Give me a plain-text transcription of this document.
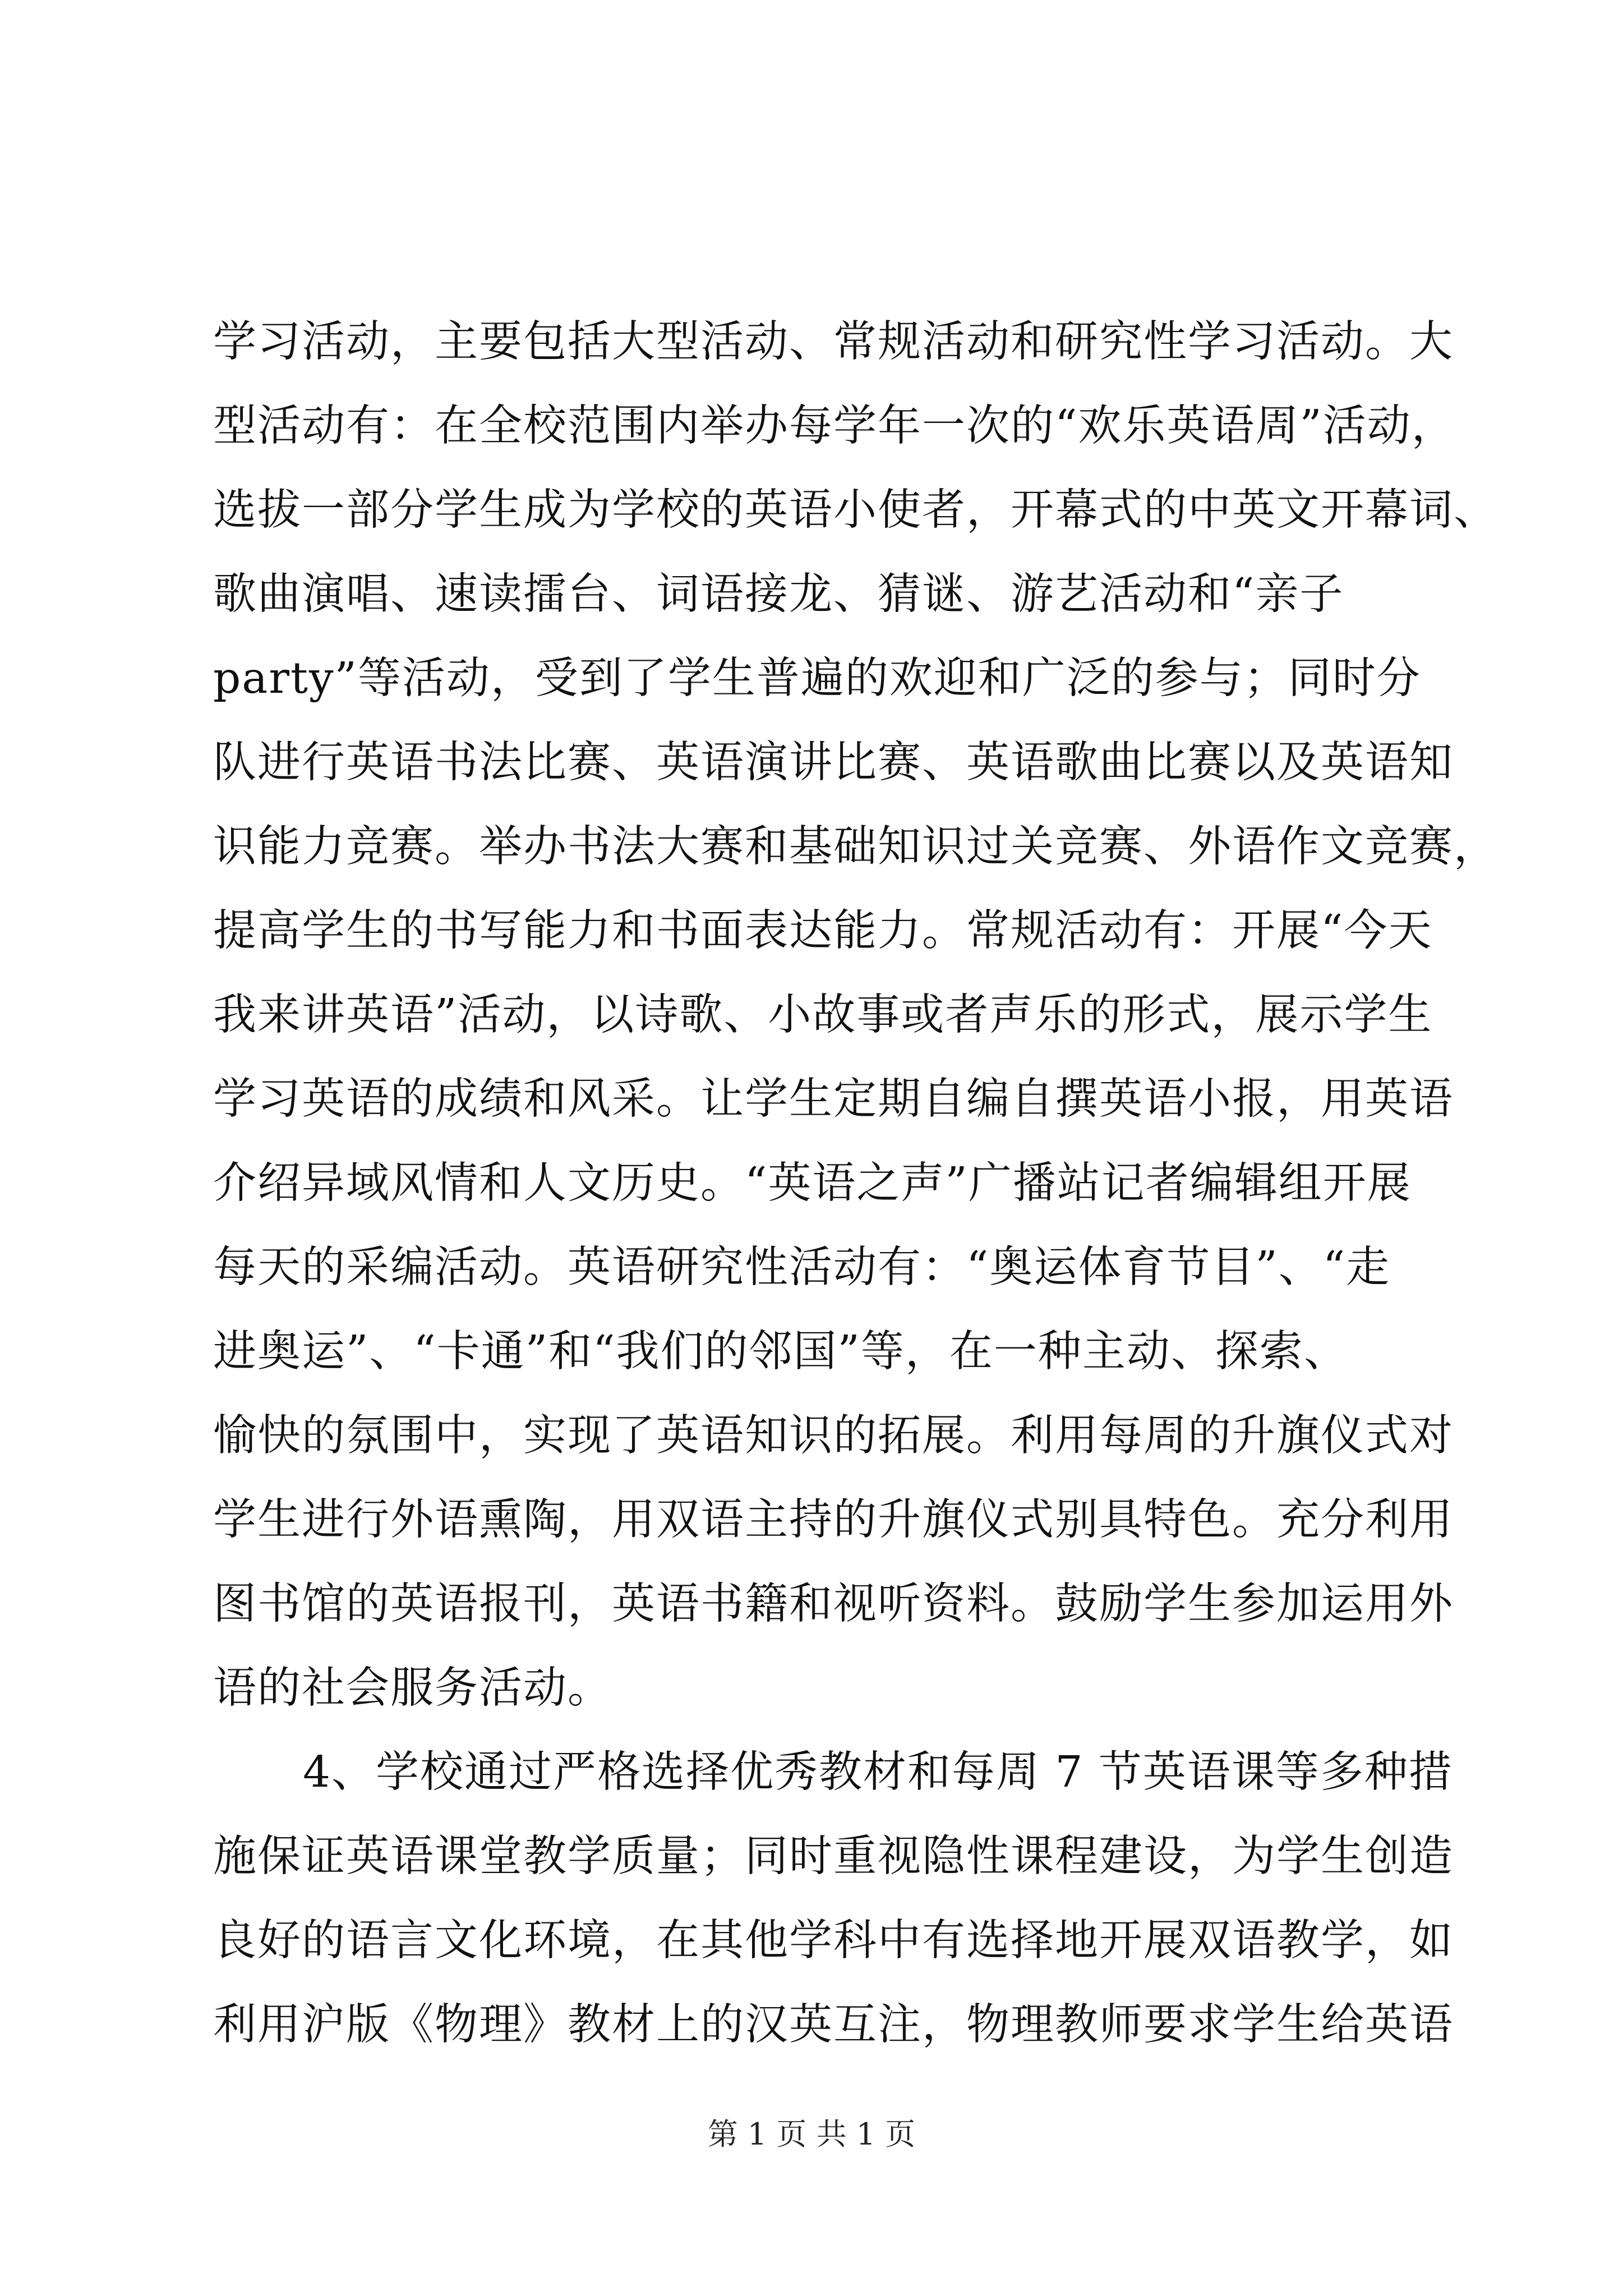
学习活动，主要包括大型活动、常规活动和研究性学习活动。大
型活动有：在全校范围内举办每学年一次的“欢乐英语周”活动，
选拔一部分学生成为学校的英语小使者，开幕式的中英文开幕词、
歌曲演唱、速读擂台、词语接龙、猜谜、游艺活动和“亲子
party”等活动，受到了学生普遍的欢迎和广泛的参与；同时分
队进行英语书法比赛、英语演讲比赛、英语歌曲比赛以及英语知
识能力竞赛。举办书法大赛和基础知识过关竞赛、外语作文竞赛，
提高学生的书写能力和书面表达能力。常规活动有：开展“今天
我来讲英语”活动，以诗歌、小故事或者声乐的形式，展示学生
学习英语的成绩和风采。让学生定期自编自撰英语小报，用英语
介绍异域风情和人文历史。“英语之声”广播站记者编辑组开展
每天的采编活动。英语研究性活动有：“奥运体育节目”、“走
进奥运”、“卡通”和“我们的邻国”等，在一种主动、探索、
愉快的氛围中，实现了英语知识的拓展。利用每周的升旗仪式对
学生进行外语熏陶，用双语主持的升旗仪式别具特色。充分利用
图书馆的英语报刊，英语书籍和视听资料。鼓励学生参加运用外
语的社会服务活动。
4、学校通过严格选择优秀教材和每周 7 节英语课等多种措
施保证英语课堂教学质量；同时重视隐性课程建设，为学生创造
良好的语言文化环境，在其他学科中有选择地开展双语教学，如
利用沪版《物理》教材上的汉英互注，物理教师要求学生给英语
第 1 页 共 1 页
